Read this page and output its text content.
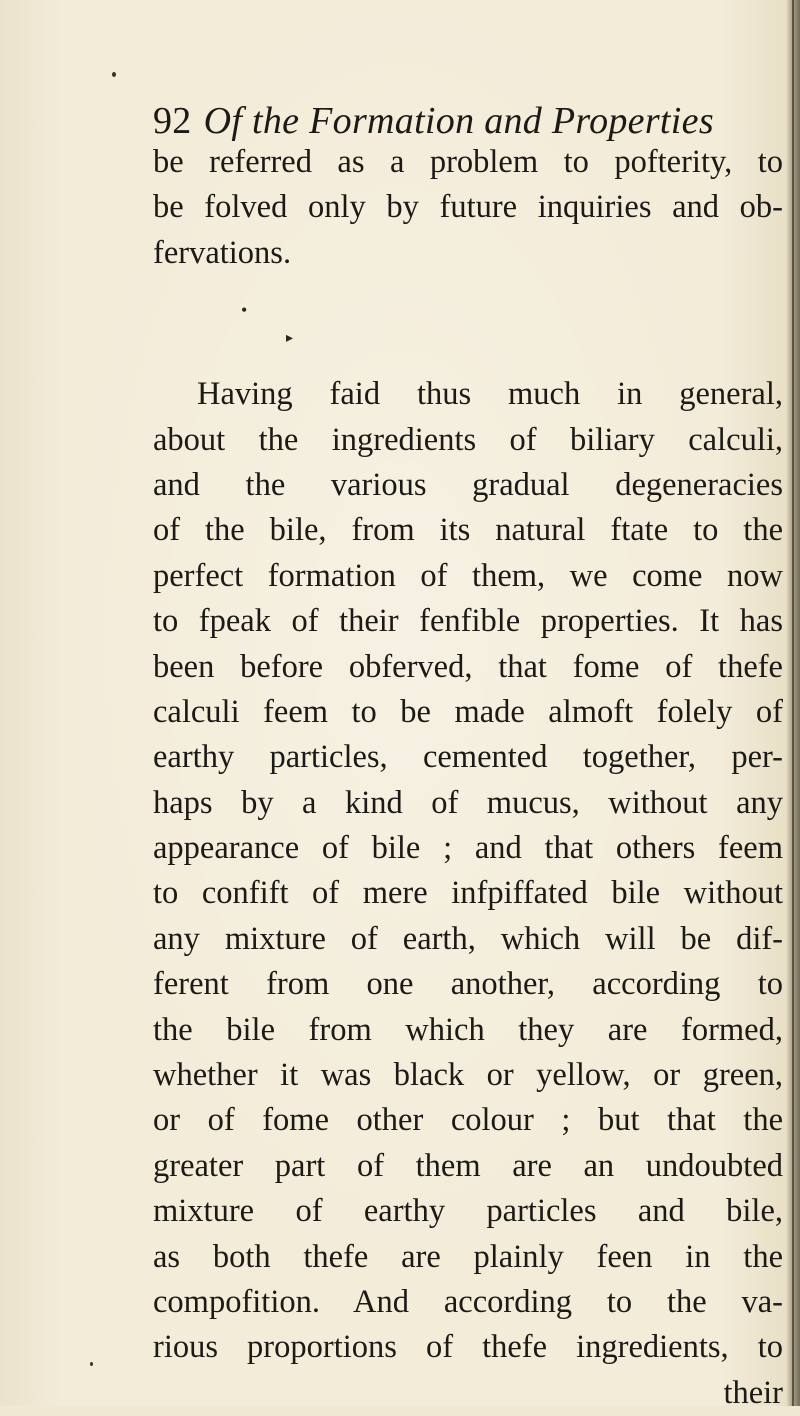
92 Of the Formation and Properties
be referred as a problem to pofterity, to
be folved only by future inquiries and ob-
fervations.
•
▸
Having faid thus much in general,
about the ingredients of biliary calculi,
and the various gradual degeneracies
of the bile, from its natural ftate to the
perfect formation of them, we come now
to fpeak of their fenfible properties. It has
been before obferved, that fome of thefe
calculi feem to be made almoft folely of
earthy particles, cemented together, per-
haps by a kind of mucus, without any
appearance of bile ; and that others feem
to confift of mere infpiffated bile without
any mixture of earth, which will be dif-
ferent from one another, according to
the bile from which they are formed,
whether it was black or yellow, or green,
or of fome other colour ; but that the
greater part of them are an undoubted
mixture of earthy particles and bile,
as both thefe are plainly feen in the
compofition. And according to the va-
rious proportions of thefe ingredients, to
their
